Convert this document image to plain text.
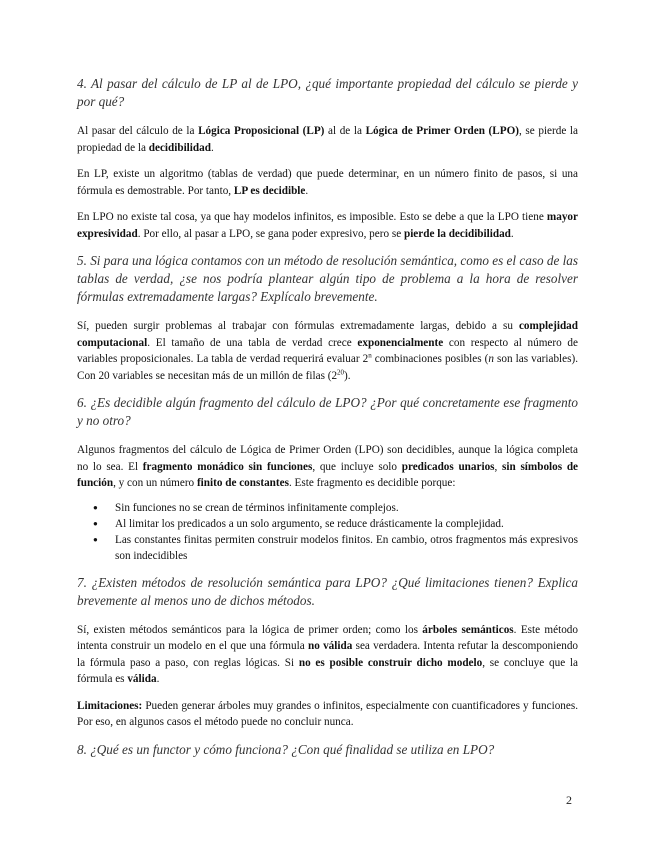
4. Al pasar del cálculo de LP al de LPO, ¿qué importante propiedad del cálculo se pierde y por qué?

Al pasar del cálculo de la Lógica Proposicional (LP) al de la Lógica de Primer Orden (LPO), se pierde la propiedad de la decidibilidad.

En LP, existe un algoritmo (tablas de verdad) que puede determinar, en un número finito de pasos, si una fórmula es demostrable. Por tanto, LP es decidible.

En LPO no existe tal cosa, ya que hay modelos infinitos, es imposible. Esto se debe a que la LPO tiene mayor expresividad. Por ello, al pasar a LPO, se gana poder expresivo, pero se pierde la decidibilidad.

5. Si para una lógica contamos con un método de resolución semántica, como es el caso de las tablas de verdad, ¿se nos podría plantear algún tipo de problema a la hora de resolver fórmulas extremadamente largas? Explícalo brevemente.

Sí, pueden surgir problemas al trabajar con fórmulas extremadamente largas, debido a su complejidad computacional. El tamaño de una tabla de verdad crece exponencialmente con respecto al número de variables proposicionales. La tabla de verdad requerirá evaluar 2$^n$ combinaciones posibles (n son las variables). Con 20 variables se necesitan más de un millón de filas $(2^{20})$.

6. ¿Es decidible algún fragmento del cálculo de LPO? ¿Por qué concretamente ese fragmento y no otro?

Algunos fragmentos del cálculo de Lógica de Primer Orden (LPO) son decidibles, aunque la lógica completa no lo sea. El fragmento monádico sin funciones, que incluye solo predicados unarios, sin símbolos de función, y con un número finito de constantes. Este fragmento es decidible porque:

● Sin funciones no se crean de términos infinitamente complejos.
● Al limitar los predicados a un solo argumento, se reduce drásticamente la complejidad.
● Las constantes finitas permiten construir modelos finitos. En cambio, otros fragmentos más expresivos son indecidibles

7. ¿Existen métodos de resolución semántica para LPO? ¿Qué limitaciones tienen? Explica brevemente al menos uno de dichos métodos.

Sí, existen métodos semánticos para la lógica de primer orden; como los árboles semánticos. Este método intenta construir un modelo en el que una fórmula no válida sea verdadera. Intenta refutar la descomponiendo la fórmula paso a paso, con reglas lógicas. Si no es posible construir dicho modelo, se concluye que la fórmula es válida.

Limitaciones: Pueden generar árboles muy grandes o infinitos, especialmente con cuantificadores y funciones. Por eso, en algunos casos el método puede no concluir nunca.

8. ¿Qué es un functor y cómo funciona? ¿Con qué finalidad se utiliza en LPO?

2
